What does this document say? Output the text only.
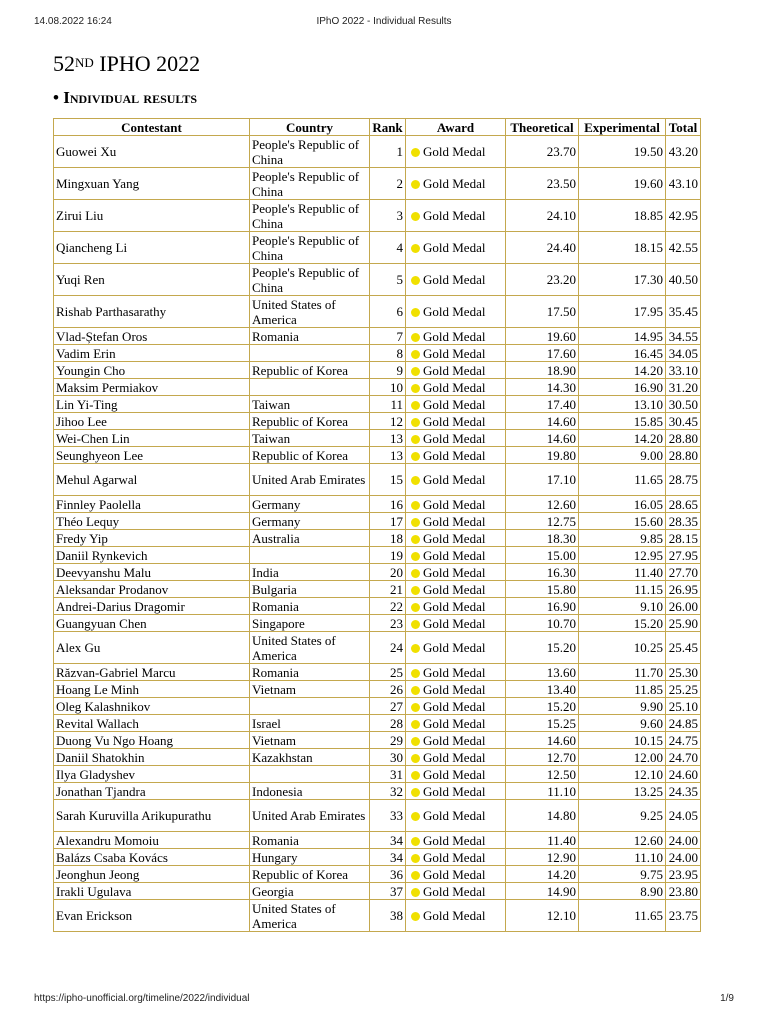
14.08.2022 16:24	IPhO 2022 - Individual Results
52ND IPHO 2022
• Individual results
Contestant	Country	Rank	Award	Theoretical	Experimental	Total
Guowei Xu	People's Republic of China	1	Gold Medal	23.70	19.50	43.20
Mingxuan Yang	People's Republic of China	2	Gold Medal	23.50	19.60	43.10
Zirui Liu	People's Republic of China	3	Gold Medal	24.10	18.85	42.95
Qiancheng Li	People's Republic of China	4	Gold Medal	24.40	18.15	42.55
Yuqi Ren	People's Republic of China	5	Gold Medal	23.20	17.30	40.50
Rishab Parthasarathy	United States of America	6	Gold Medal	17.50	17.95	35.45
Vlad-Ștefan Oros	Romania	7	Gold Medal	19.60	14.95	34.55
Vadim Erin		8	Gold Medal	17.60	16.45	34.05
Youngin Cho	Republic of Korea	9	Gold Medal	18.90	14.20	33.10
Maksim Permiakov		10	Gold Medal	14.30	16.90	31.20
Lin Yi-Ting	Taiwan	11	Gold Medal	17.40	13.10	30.50
Jihoo Lee	Republic of Korea	12	Gold Medal	14.60	15.85	30.45
Wei-Chen Lin	Taiwan	13	Gold Medal	14.60	14.20	28.80
Seunghyeon Lee	Republic of Korea	13	Gold Medal	19.80	9.00	28.80
Mehul Agarwal	United Arab Emirates	15	Gold Medal	17.10	11.65	28.75
Finnley Paolella	Germany	16	Gold Medal	12.60	16.05	28.65
Théo Lequy	Germany	17	Gold Medal	12.75	15.60	28.35
Fredy Yip	Australia	18	Gold Medal	18.30	9.85	28.15
Daniil Rynkevich		19	Gold Medal	15.00	12.95	27.95
Deevyanshu Malu	India	20	Gold Medal	16.30	11.40	27.70
Aleksandar Prodanov	Bulgaria	21	Gold Medal	15.80	11.15	26.95
Andrei-Darius Dragomir	Romania	22	Gold Medal	16.90	9.10	26.00
Guangyuan Chen	Singapore	23	Gold Medal	10.70	15.20	25.90
Alex Gu	United States of America	24	Gold Medal	15.20	10.25	25.45
Răzvan-Gabriel Marcu	Romania	25	Gold Medal	13.60	11.70	25.30
Hoang Le Minh	Vietnam	26	Gold Medal	13.40	11.85	25.25
Oleg Kalashnikov		27	Gold Medal	15.20	9.90	25.10
Revital Wallach	Israel	28	Gold Medal	15.25	9.60	24.85
Duong Vu Ngo Hoang	Vietnam	29	Gold Medal	14.60	10.15	24.75
Daniil Shatokhin	Kazakhstan	30	Gold Medal	12.70	12.00	24.70
Ilya Gladyshev		31	Gold Medal	12.50	12.10	24.60
Jonathan Tjandra	Indonesia	32	Gold Medal	11.10	13.25	24.35
Sarah Kuruvilla Arikupurathu	United Arab Emirates	33	Gold Medal	14.80	9.25	24.05
Alexandru Momoiu	Romania	34	Gold Medal	11.40	12.60	24.00
Balázs Csaba Kovács	Hungary	34	Gold Medal	12.90	11.10	24.00
Jeonghun Jeong	Republic of Korea	36	Gold Medal	14.20	9.75	23.95
Irakli Ugulava	Georgia	37	Gold Medal	14.90	8.90	23.80
Evan Erickson	United States of America	38	Gold Medal	12.10	11.65	23.75
https://ipho-unofficial.org/timeline/2022/individual	1/9
